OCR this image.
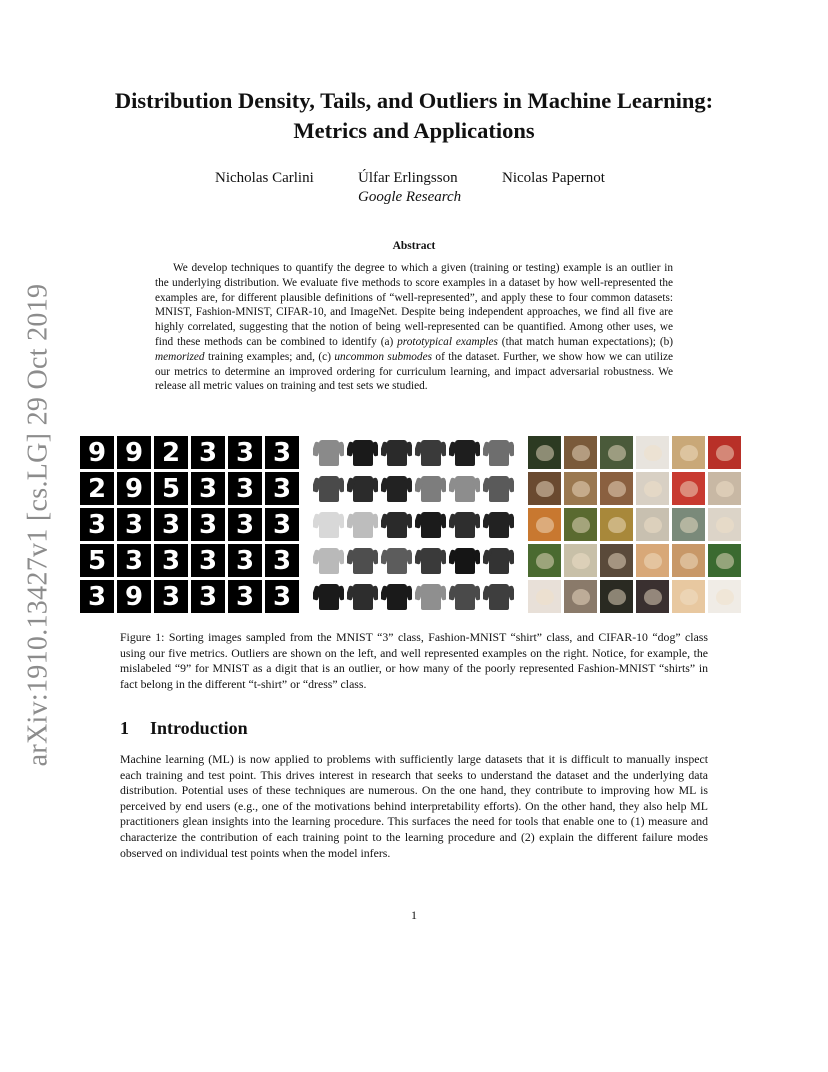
arXiv:1910.13427v1 [cs.LG] 29 Oct 2019
Distribution Density, Tails, and Outliers in Machine Learning: Metrics and Applications
Nicholas Carlini	Úlfar Erlingsson	Nicolas Papernot
Google Research
Abstract

We develop techniques to quantify the degree to which a given (training or testing) example is an outlier in the underlying distribution. We evaluate five methods to score examples in a dataset by how well-represented the examples are, for different plausible definitions of “well-represented”, and apply these to four common datasets: MNIST, Fashion-MNIST, CIFAR-10, and ImageNet. Despite being independent approaches, we find all five are highly correlated, suggesting that the notion of being well-represented can be quantified. Among other uses, we find these methods can be combined to identify (a) prototypical examples (that match human expectations); (b) memorized training examples; and, (c) uncommon submodes of the dataset. Further, we show how we can utilize our metrics to determine an improved ordering for curriculum learning, and impact adversarial robustness. We release all metric values on training and test sets we studied.

9 9 2 3 3 3
2 9 5 3 3 3
3 3 3 3 3 3
5 3 3 3 3 3
3 9 3 3 3 3

Figure 1: Sorting images sampled from the MNIST “3” class, Fashion-MNIST “shirt” class, and CIFAR-10 “dog” class using our five metrics. Outliers are shown on the left, and well represented examples on the right. Notice, for example, the mislabeled “9” for MNIST as a digit that is an outlier, or how many of the poorly represented Fashion-MNIST “shirts” in fact belong in the different “t-shirt” or “dress” class.

1 Introduction

Machine learning (ML) is now applied to problems with sufficiently large datasets that it is difficult to manually inspect each training and test point. This drives interest in research that seeks to understand the dataset and the underlying data distribution. Potential uses of these techniques are numerous. On the one hand, they contribute to improving how ML is perceived by end users (e.g., one of the motivations behind interpretability efforts). On the other hand, they also help ML practitioners glean insights into the learning procedure. This surfaces the need for tools that enable one to (1) measure and characterize the contribution of each training point to the learning procedure and (2) explain the different failure modes observed on individual test points when the model infers.

1
